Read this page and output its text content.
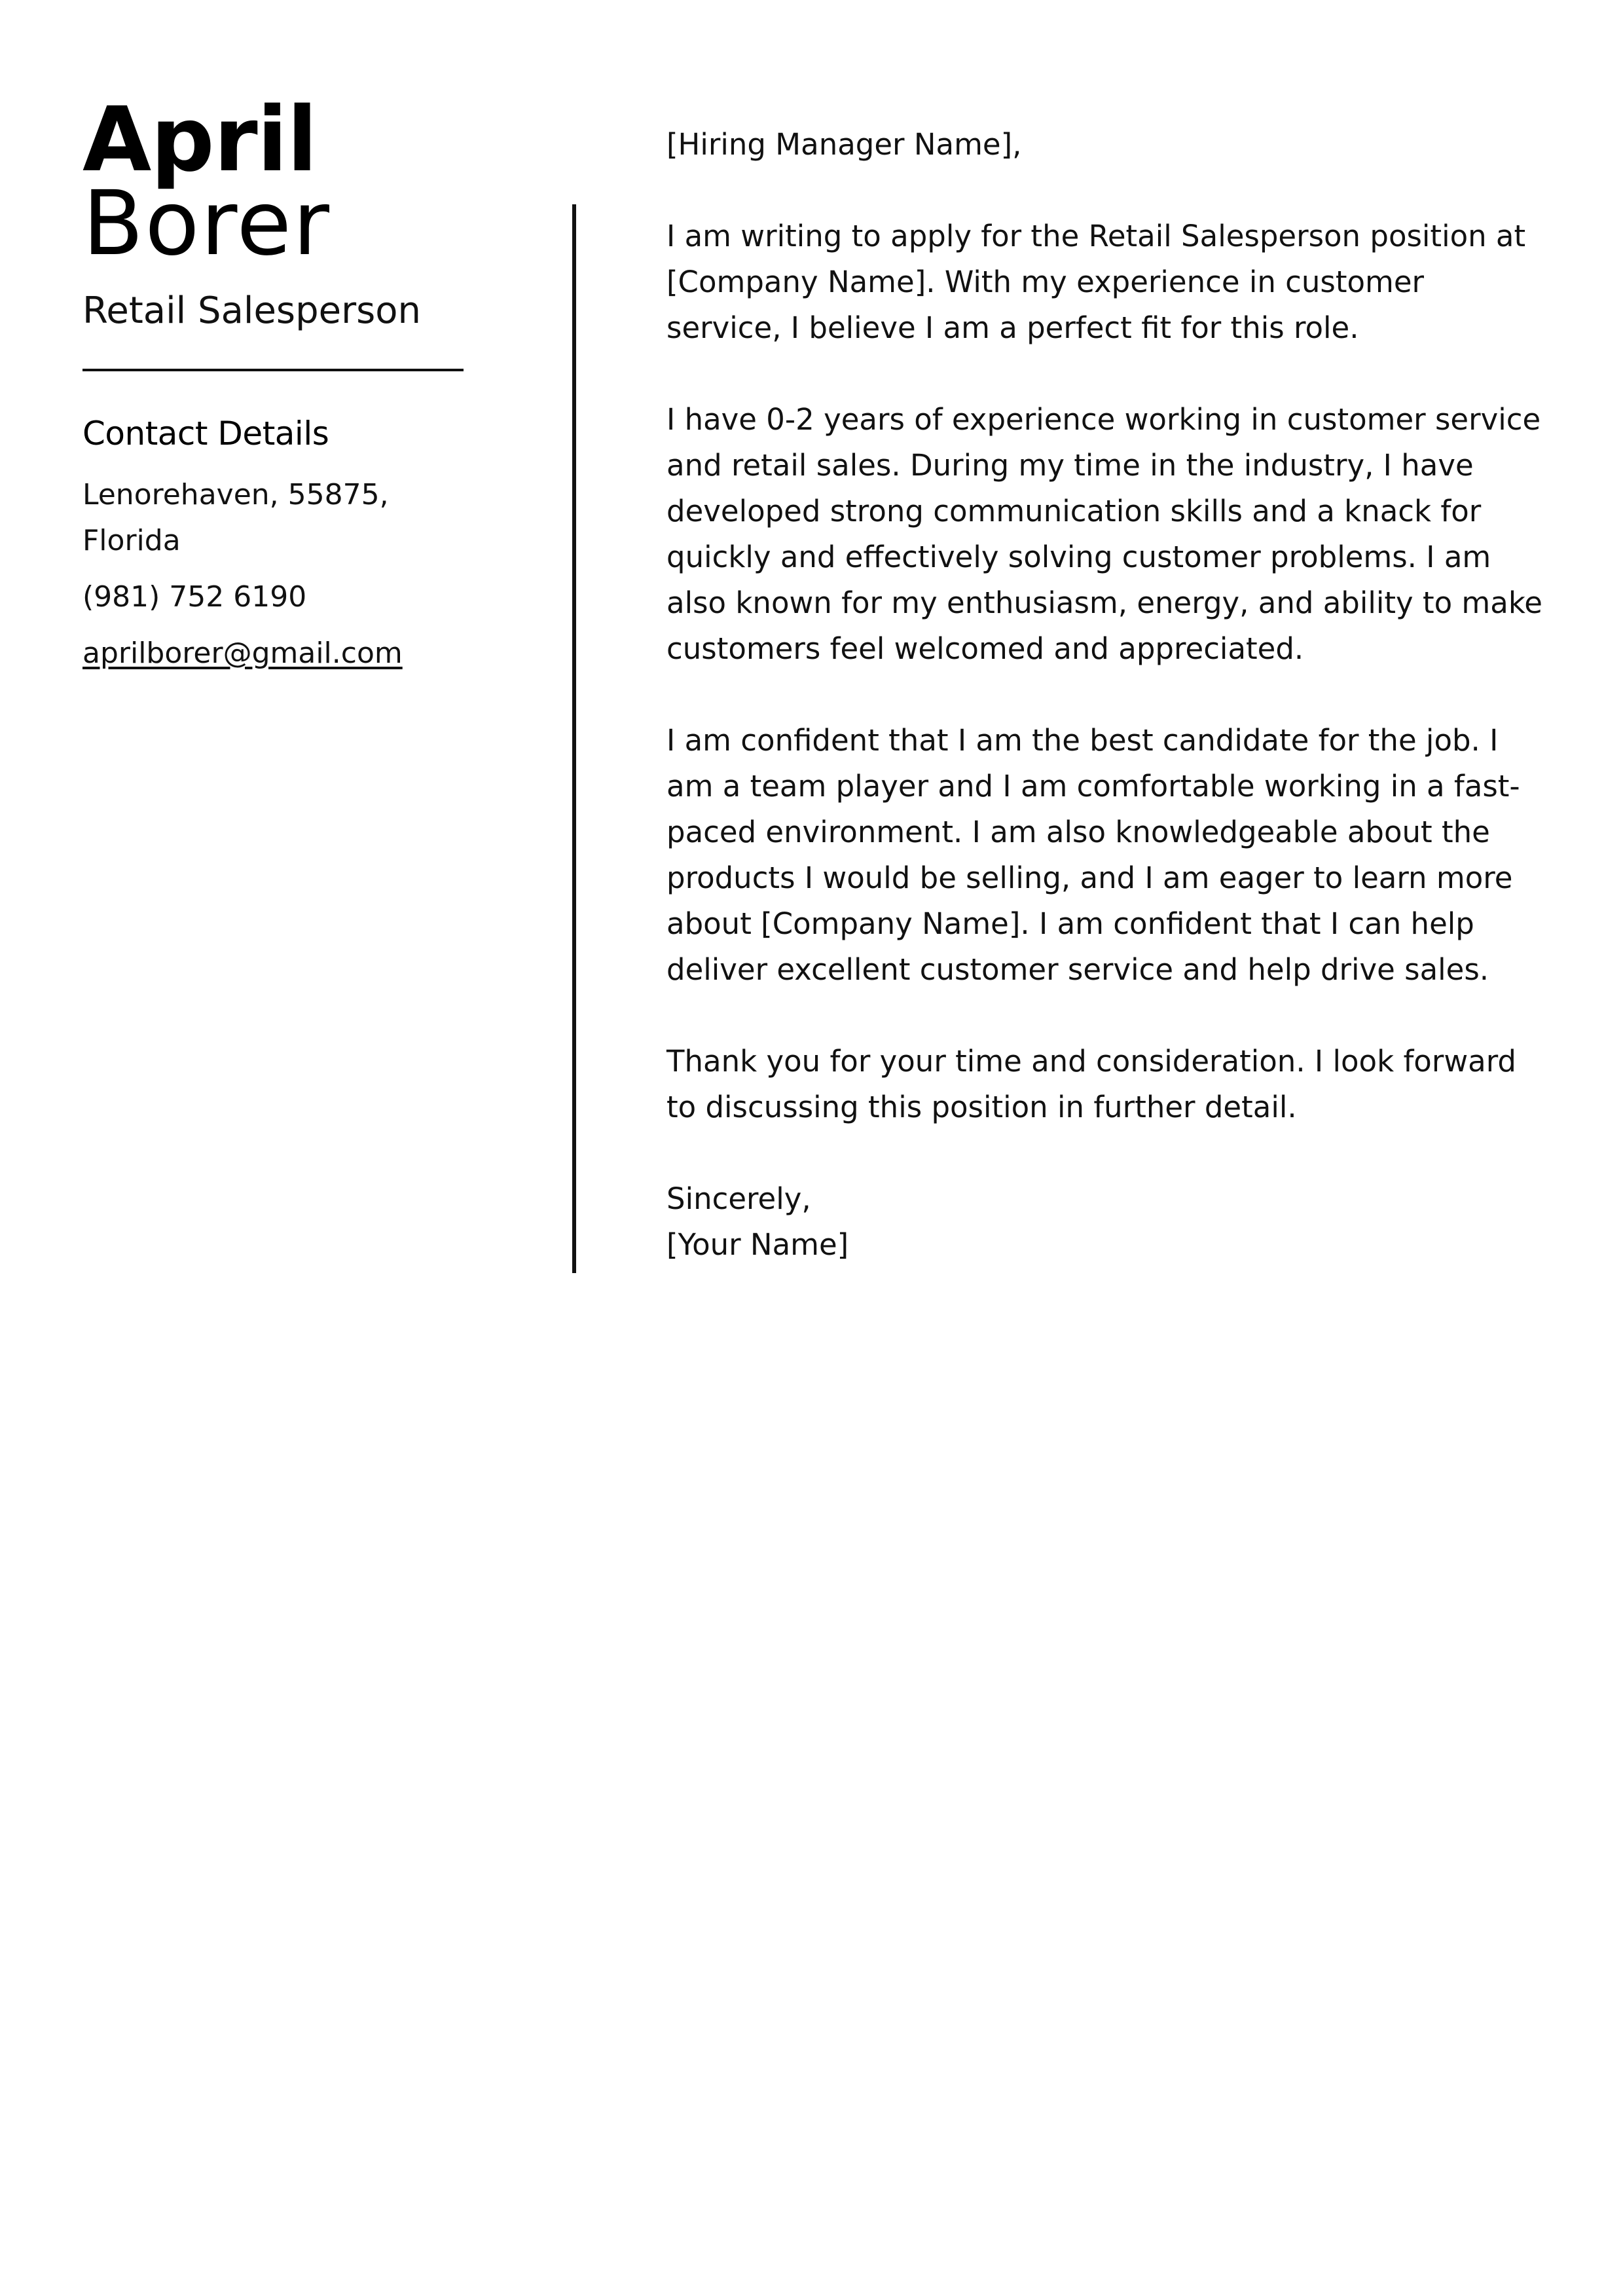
April
Borer
Retail Salesperson
Contact Details
Lenorehaven, 55875, Florida
(981) 752 6190
aprilborer@gmail.com

[Hiring Manager Name],

I am writing to apply for the Retail Salesperson position at [Company Name]. With my experience in customer service, I believe I am a perfect fit for this role.

I have 0-2 years of experience working in customer service and retail sales. During my time in the industry, I have developed strong communication skills and a knack for quickly and effectively solving customer problems. I am also known for my enthusiasm, energy, and ability to make customers feel welcomed and appreciated.

I am confident that I am the best candidate for the job. I am a team player and I am comfortable working in a fast-paced environment. I am also knowledgeable about the products I would be selling, and I am eager to learn more about [Company Name]. I am confident that I can help deliver excellent customer service and help drive sales.

Thank you for your time and consideration. I look forward to discussing this position in further detail.

Sincerely,

[Your Name]
